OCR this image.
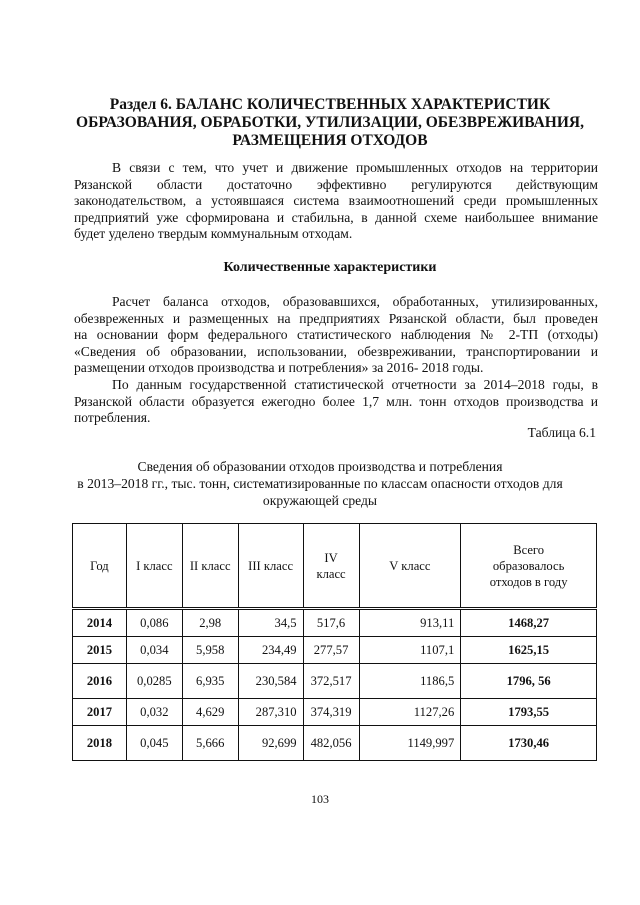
Раздел 6. БАЛАНС КОЛИЧЕСТВЕННЫХ ХАРАКТЕРИСТИК
ОБРАЗОВАНИЯ, ОБРАБОТКИ, УТИЛИЗАЦИИ, ОБЕЗВРЕЖИВАНИЯ,
РАЗМЕЩЕНИЯ ОТХОДОВ
В связи с тем, что учет и движение промышленных отходов на территории
Рязанской области достаточно эффективно регулируются действующим
законодательством, а устоявшаяся система взаимоотношений среди промышленных
предприятий уже сформирована и стабильна, в данной схеме наибольшее внимание
будет уделено твердым коммунальным отходам.
Количественные характеристики
Расчет баланса отходов, образовавшихся, обработанных, утилизированных,
обезвреженных и размещенных на предприятиях Рязанской области, был проведен
на основании форм федерального статистического наблюдения № 2-ТП (отходы)
«Сведения об образовании, использовании, обезвреживании, транспортировании и
размещении отходов производства и потребления» за 2016- 2018 годы.
По данным государственной статистической отчетности за 2014–2018 годы, в
Рязанской области образуется ежегодно более 1,7 млн. тонн отходов производства и
потребления.
Таблица 6.1
Сведения об образовании отходов производства и потребления
в 2013–2018 гг., тыс. тонн, систематизированные по классам опасности отходов для
окружающей среды
Год	I класс	II класс	III класс	IV
класс	V класс	Всего
образовалось
отходов в году
2014	0,086	2,98	34,5	517,6	913,11	1468,27
2015	0,034	5,958	234,49	277,57	1107,1	1625,15
2016	0,0285	6,935	230,584	372,517	1186,5	1796, 56
2017	0,032	4,629	287,310	374,319	1127,26	1793,55
2018	0,045	5,666	92,699	482,056	1149,997	1730,46
103
